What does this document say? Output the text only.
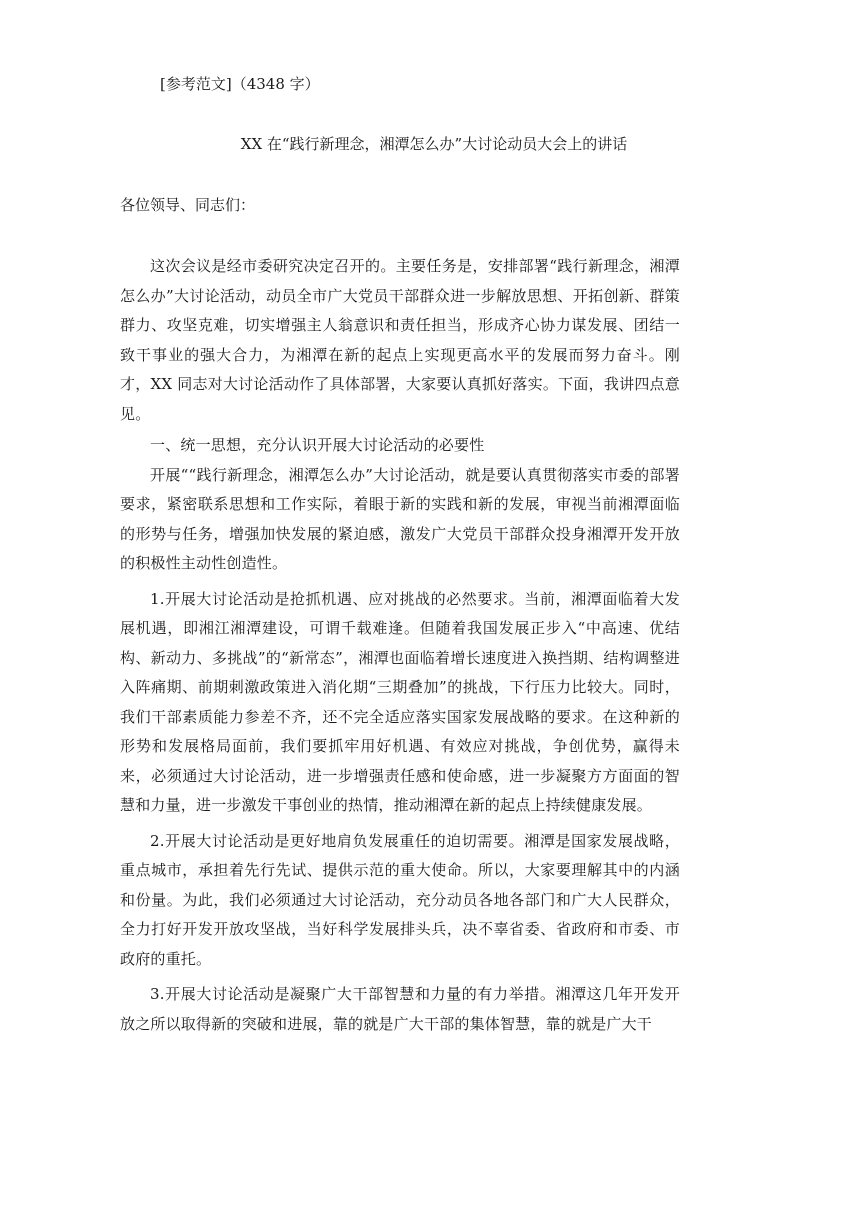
[参考范文]（4348 字）
XX 在“践行新理念，湘潭怎么办”大讨论动员大会上的讲话
各位领导、同志们：

这次会议是经市委研究决定召开的。主要任务是，安排部署“践行新理念，湘潭怎么办”大讨论活动，动员全市广大党员干部群众进一步解放思想、开拓创新、群策群力、攻坚克难，切实增强主人翁意识和责任担当，形成齐心协力谋发展、团结一致干事业的强大合力，为湘潭在新的起点上实现更高水平的发展而努力奋斗。刚才，XX 同志对大讨论活动作了具体部署，大家要认真抓好落实。下面，我讲四点意见。

一、统一思想，充分认识开展大讨论活动的必要性

开展““践行新理念，湘潭怎么办”大讨论活动，就是要认真贯彻落实市委的部署要求，紧密联系思想和工作实际，着眼于新的实践和新的发展，审视当前湘潭面临的形势与任务，增强加快发展的紧迫感，激发广大党员干部群众投身湘潭开发开放的积极性主动性创造性。

1.开展大讨论活动是抢抓机遇、应对挑战的必然要求。当前，湘潭面临着大发展机遇，即湘江湘潭建设，可谓千载难逢。但随着我国发展正步入“中高速、优结构、新动力、多挑战”的“新常态”，湘潭也面临着增长速度进入换挡期、结构调整进入阵痛期、前期刺激政策进入消化期“三期叠加”的挑战，下行压力比较大。同时，我们干部素质能力参差不齐，还不完全适应落实国家发展战略的要求。在这种新的形势和发展格局面前，我们要抓牢用好机遇、有效应对挑战，争创优势，赢得未来，必须通过大讨论活动，进一步增强责任感和使命感，进一步凝聚方方面面的智慧和力量，进一步激发干事创业的热情，推动湘潭在新的起点上持续健康发展。

2.开展大讨论活动是更好地肩负发展重任的迫切需要。湘潭是国家发展战略，重点城市，承担着先行先试、提供示范的重大使命。所以，大家要理解其中的内涵和份量。为此，我们必须通过大讨论活动，充分动员各地各部门和广大人民群众，全力打好开发开放攻坚战，当好科学发展排头兵，决不辜省委、省政府和市委、市政府的重托。

3.开展大讨论活动是凝聚广大干部智慧和力量的有力举措。湘潭这几年开发开放之所以取得新的突破和进展，靠的就是广大干部的集体智慧，靠的就是广大干
